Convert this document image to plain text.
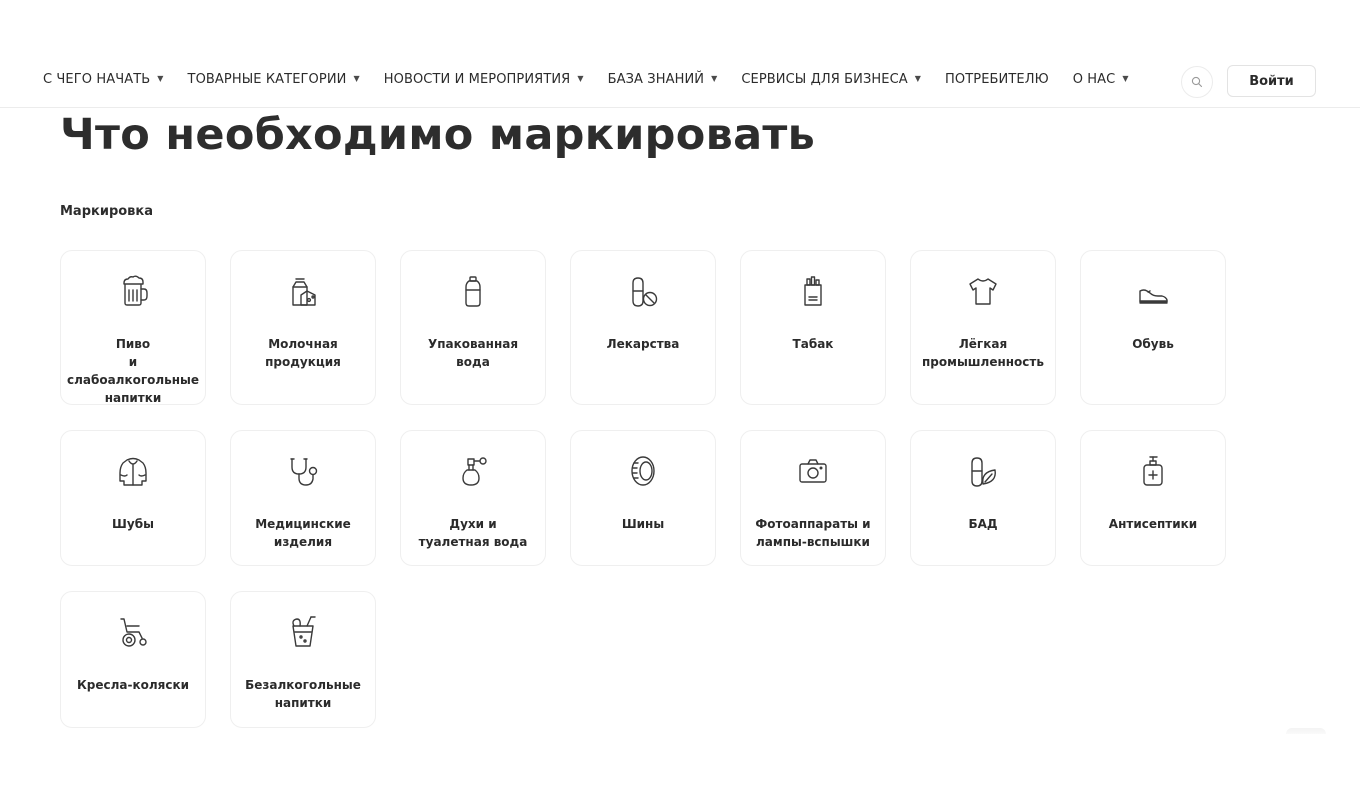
С ЧЕГО НАЧАТЬ ▼ ТОВАРНЫЕ КАТЕГОРИИ ▼ НОВОСТИ И МЕРОПРИЯТИЯ ▼ БАЗА ЗНАНИЙ ▼ СЕРВИСЫ ДЛЯ БИЗНЕСА ▼ ПОТРЕБИТЕЛЮ О НАС ▼	Войти
Что необходимо маркировать
Маркировка
Пиво
и слабоалкогольные
напитки
Молочная
продукция
Упакованная
вода
Лекарства	Табак	Лёгкая
промышленность
Обувь
Шубы	Медицинские
изделия
Духи и
туалетная вода
Шины	Фотоаппараты и
лампы-вспышки
БАД	Антисептики
Кресла-коляски	Безалкогольные
напитки
